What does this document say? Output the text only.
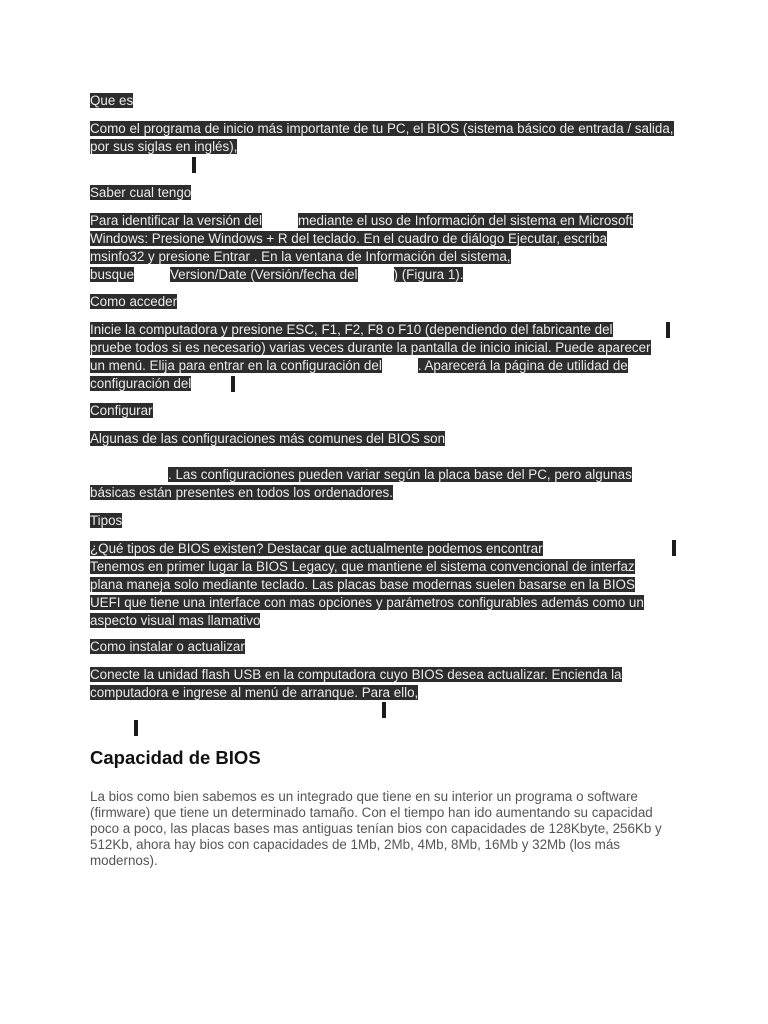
Que es
Como el programa de inicio más importante de tu PC, el BIOS (sistema básico de entrada / salida, por sus siglas en inglés),
Saber cual tengo
Para identificar la versión del	mediante el uso de Información del sistema en Microsoft
Windows: Presione Windows + R del teclado. En el cuadro de diálogo Ejecutar, escriba
msinfo32 y presione Entrar . En la ventana de Información del sistema,
busque	Version/Date (Versión/fecha del	) (Figura 1).
Como acceder
Inicie la computadora y presione ESC, F1, F2, F8 o F10 (dependiendo del fabricante del
pruebe todos si es necesario) varias veces durante la pantalla de inicio inicial. Puede aparecer
un menú. Elija para entrar en la configuración del	. Aparecerá la página de utilidad de
configuración del
Configurar
Algunas de las configuraciones más comunes del BIOS son
. Las configuraciones pueden variar según la placa base del PC, pero algunas
básicas están presentes en todos los ordenadores.
Tipos
¿Qué tipos de BIOS existen? Destacar que actualmente podemos encontrar
Tenemos en primer lugar la BIOS Legacy, que mantiene el sistema convencional de interfaz plana maneja solo mediante teclado. Las placas base modernas suelen basarse en la BIOS UEFI que tiene una interface con mas opciones y parámetros configurables además como un aspecto visual mas llamativo
Como instalar o actualizar
Conecte la unidad flash USB en la computadora cuyo BIOS desea actualizar. Encienda la computadora e ingrese al menú de arranque. Para ello,
Capacidad de BIOS
La bios como bien sabemos es un integrado que tiene en su interior un programa o software (firmware) que tiene un determinado tamaño. Con el tiempo han ido aumentando su capacidad poco a poco, las placas bases mas antiguas tenían bios con capacidades de 128Kbyte, 256Kb y 512Kb, ahora hay bios con capacidades de 1Mb, 2Mb, 4Mb, 8Mb, 16Mb y 32Mb (los más modernos).
